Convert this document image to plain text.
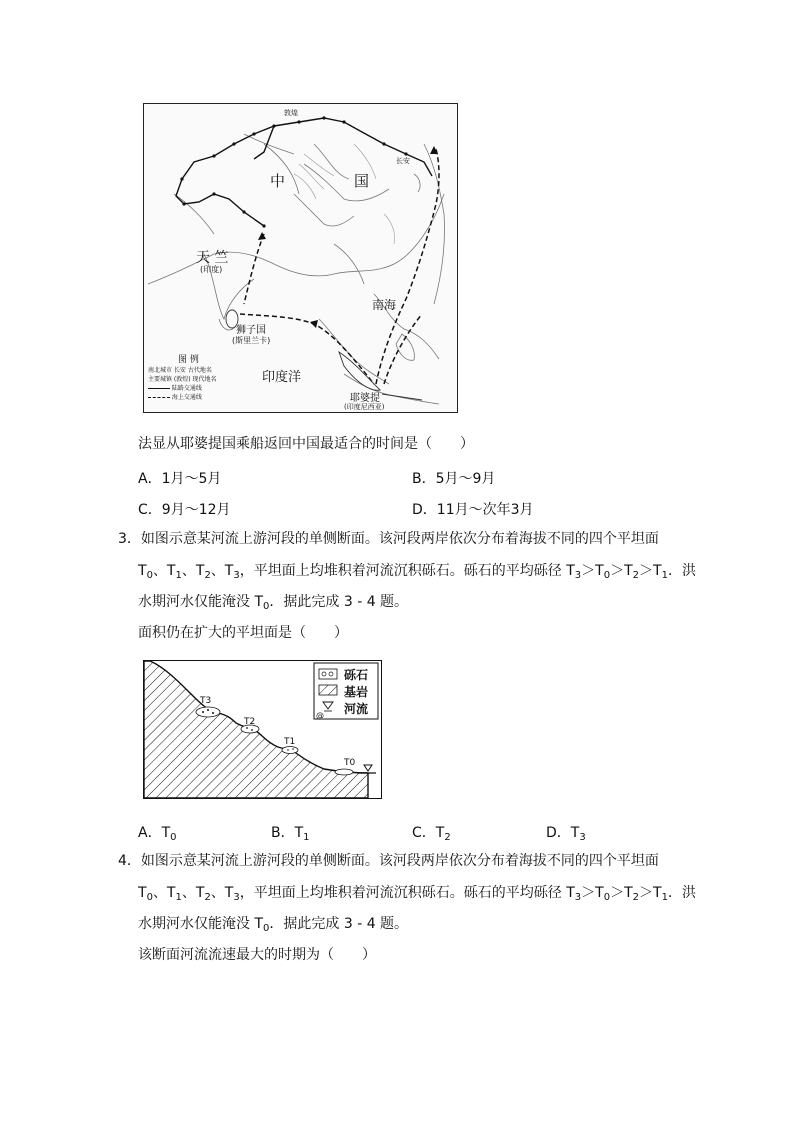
中	国
天 竺
(印度)
狮子国
(斯里兰卡)
印度洋
耶婆提
(印度尼西亚)
南海
长安
敦煌
图 例
南北城市 长安 古代地名
主要城镇 (敦煌) 现代地名
陆路交通线
海上交通线
法显从耶婆提国乘船返回中国最适合的时间是（　　）
A．1月～5月	B．5月～9月
C．9月～12月	D．11月～次年3月
3．如图示意某河流上游河段的单侧断面。该河段两岸依次分布着海拔不同的四个平坦面
$T_0$、$T_1$、$T_2$、$T_3$，平坦面上均堆积着河流沉积砾石。砾石的平均砾径 $T_3>T_0>T_2>T_1$．洪
水期河水仅能淹没 $T_0$．据此完成 3 - 4 题。
面积仍在扩大的平坦面是（　　）
砾石
基岩
河流
@
T3
T2
T1
T0
A．$T_0$	B．$T_1$	C．$T_2$	D．$T_3$
4．如图示意某河流上游河段的单侧断面。该河段两岸依次分布着海拔不同的四个平坦面
$T_0$、$T_1$、$T_2$、$T_3$，平坦面上均堆积着河流沉积砾石。砾石的平均砾径 $T_3>T_0>T_2>T_1$．洪
水期河水仅能淹没 $T_0$．据此完成 3 - 4 题。
该断面河流流速最大的时期为（　　）
